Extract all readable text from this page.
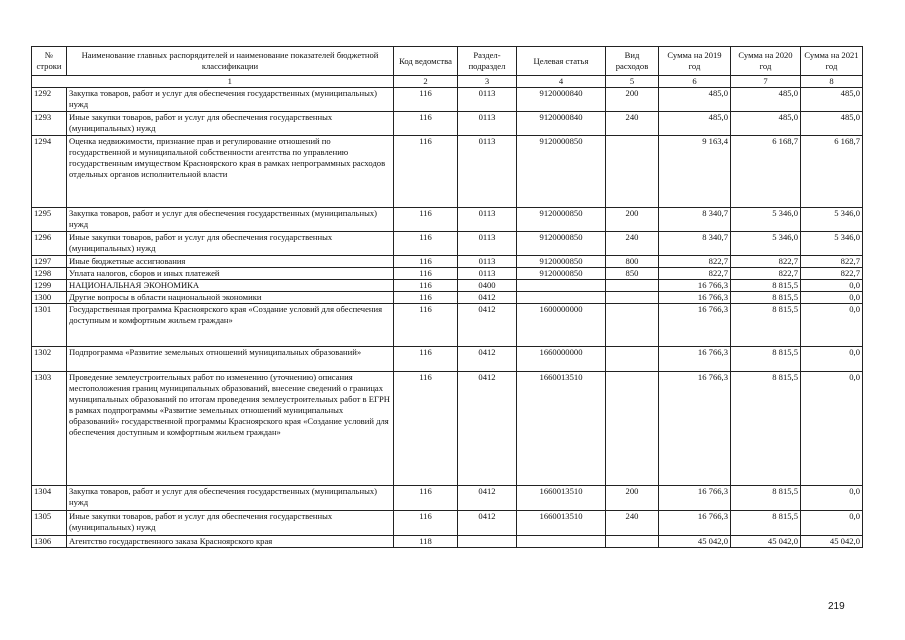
№ строки	Наименование главных распорядителей и наименование показателей бюджетной классификации	Код ведомства	Раздел-подраздел	Целевая статья	Вид расходов	Сумма на 2019 год	Сумма на 2020 год	Сумма на 2021 год
	1	2	3	4	5	6	7	8
1292	Закупка товаров, работ и услуг для обеспечения государственных (муниципальных) нужд	116	0113	9120000840	200	485,0	485,0	485,0
1293	Иные закупки товаров, работ и услуг для обеспечения государственных (муниципальных) нужд	116	0113	9120000840	240	485,0	485,0	485,0
1294	Оценка недвижимости, признание прав и регулирование отношений по государственной и муниципальной собственности агентства по управлению государственным имуществом Красноярского края в рамках непрограммных расходов отдельных органов исполнительной власти	116	0113	9120000850		9 163,4	6 168,7	6 168,7
1295	Закупка товаров, работ и услуг для обеспечения государственных (муниципальных) нужд	116	0113	9120000850	200	8 340,7	5 346,0	5 346,0
1296	Иные закупки товаров, работ и услуг для обеспечения государственных (муниципальных) нужд	116	0113	9120000850	240	8 340,7	5 346,0	5 346,0
1297	Иные бюджетные ассигнования	116	0113	9120000850	800	822,7	822,7	822,7
1298	Уплата налогов, сборов и иных платежей	116	0113	9120000850	850	822,7	822,7	822,7
1299	НАЦИОНАЛЬНАЯ ЭКОНОМИКА	116	0400			16 766,3	8 815,5	0,0
1300	Другие вопросы в области национальной экономики	116	0412			16 766,3	8 815,5	0,0
1301	Государственная программа Красноярского края «Создание условий для обеспечения доступным и комфортным жильем граждан»	116	0412	1600000000		16 766,3	8 815,5	0,0
1302	Подпрограмма «Развитие земельных отношений муниципальных образований»	116	0412	1660000000		16 766,3	8 815,5	0,0
1303	Проведение землеустроительных работ по изменению (уточнению) описания местоположения границ муниципальных образований, внесение сведений о границах муниципальных образований по итогам проведения землеустроительных работ в ЕГРН в рамках подпрограммы «Развитие земельных отношений муниципальных образований» государственной программы Красноярского края «Создание условий для обеспечения доступным и комфортным жильем граждан»	116	0412	1660013510		16 766,3	8 815,5	0,0
1304	Закупка товаров, работ и услуг для обеспечения государственных (муниципальных) нужд	116	0412	1660013510	200	16 766,3	8 815,5	0,0
1305	Иные закупки товаров, работ и услуг для обеспечения государственных (муниципальных) нужд	116	0412	1660013510	240	16 766,3	8 815,5	0,0
1306	Агентство государственного заказа Красноярского края	118				45 042,0	45 042,0	45 042,0
219
